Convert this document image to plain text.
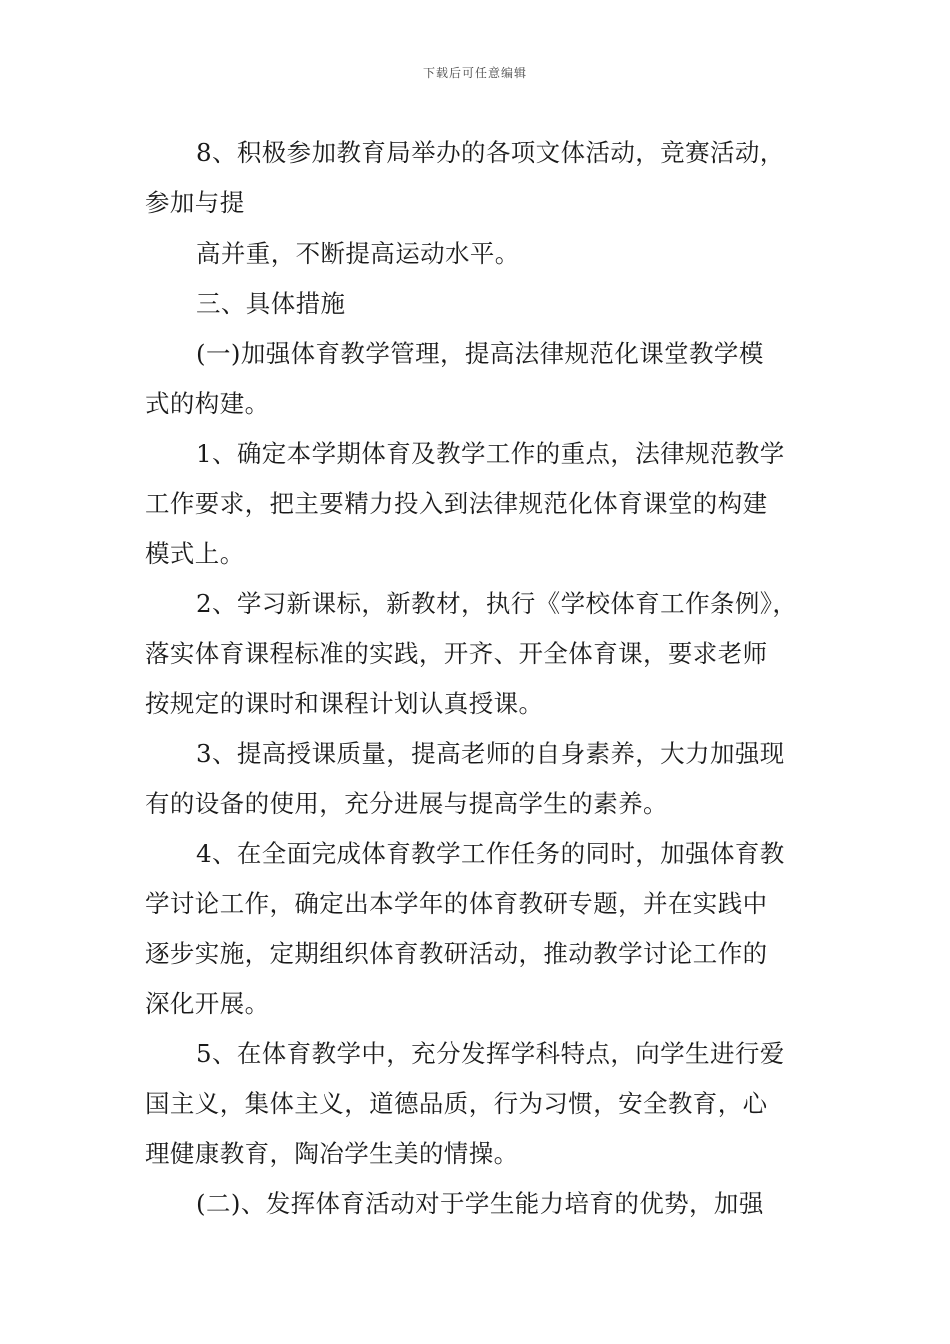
下载后可任意编辑
8、积极参加教育局举办的各项文体活动，竞赛活动，
参加与提
高并重，不断提高运动水平。
三、具体措施
(一)加强体育教学管理，提高法律规范化课堂教学模
式的构建。
1、确定本学期体育及教学工作的重点，法律规范教学
工作要求，把主要精力投入到法律规范化体育课堂的构建
模式上。
2、学习新课标，新教材，执行《学校体育工作条例》，
落实体育课程标准的实践，开齐、开全体育课，要求老师
按规定的课时和课程计划认真授课。
3、提高授课质量，提高老师的自身素养，大力加强现
有的设备的使用，充分进展与提高学生的素养。
4、在全面完成体育教学工作任务的同时，加强体育教
学讨论工作，确定出本学年的体育教研专题，并在实践中
逐步实施，定期组织体育教研活动，推动教学讨论工作的
深化开展。
5、在体育教学中，充分发挥学科特点，向学生进行爱
国主义，集体主义，道德品质，行为习惯，安全教育，心
理健康教育，陶冶学生美的情操。
(二)、发挥体育活动对于学生能力培育的优势，加强
